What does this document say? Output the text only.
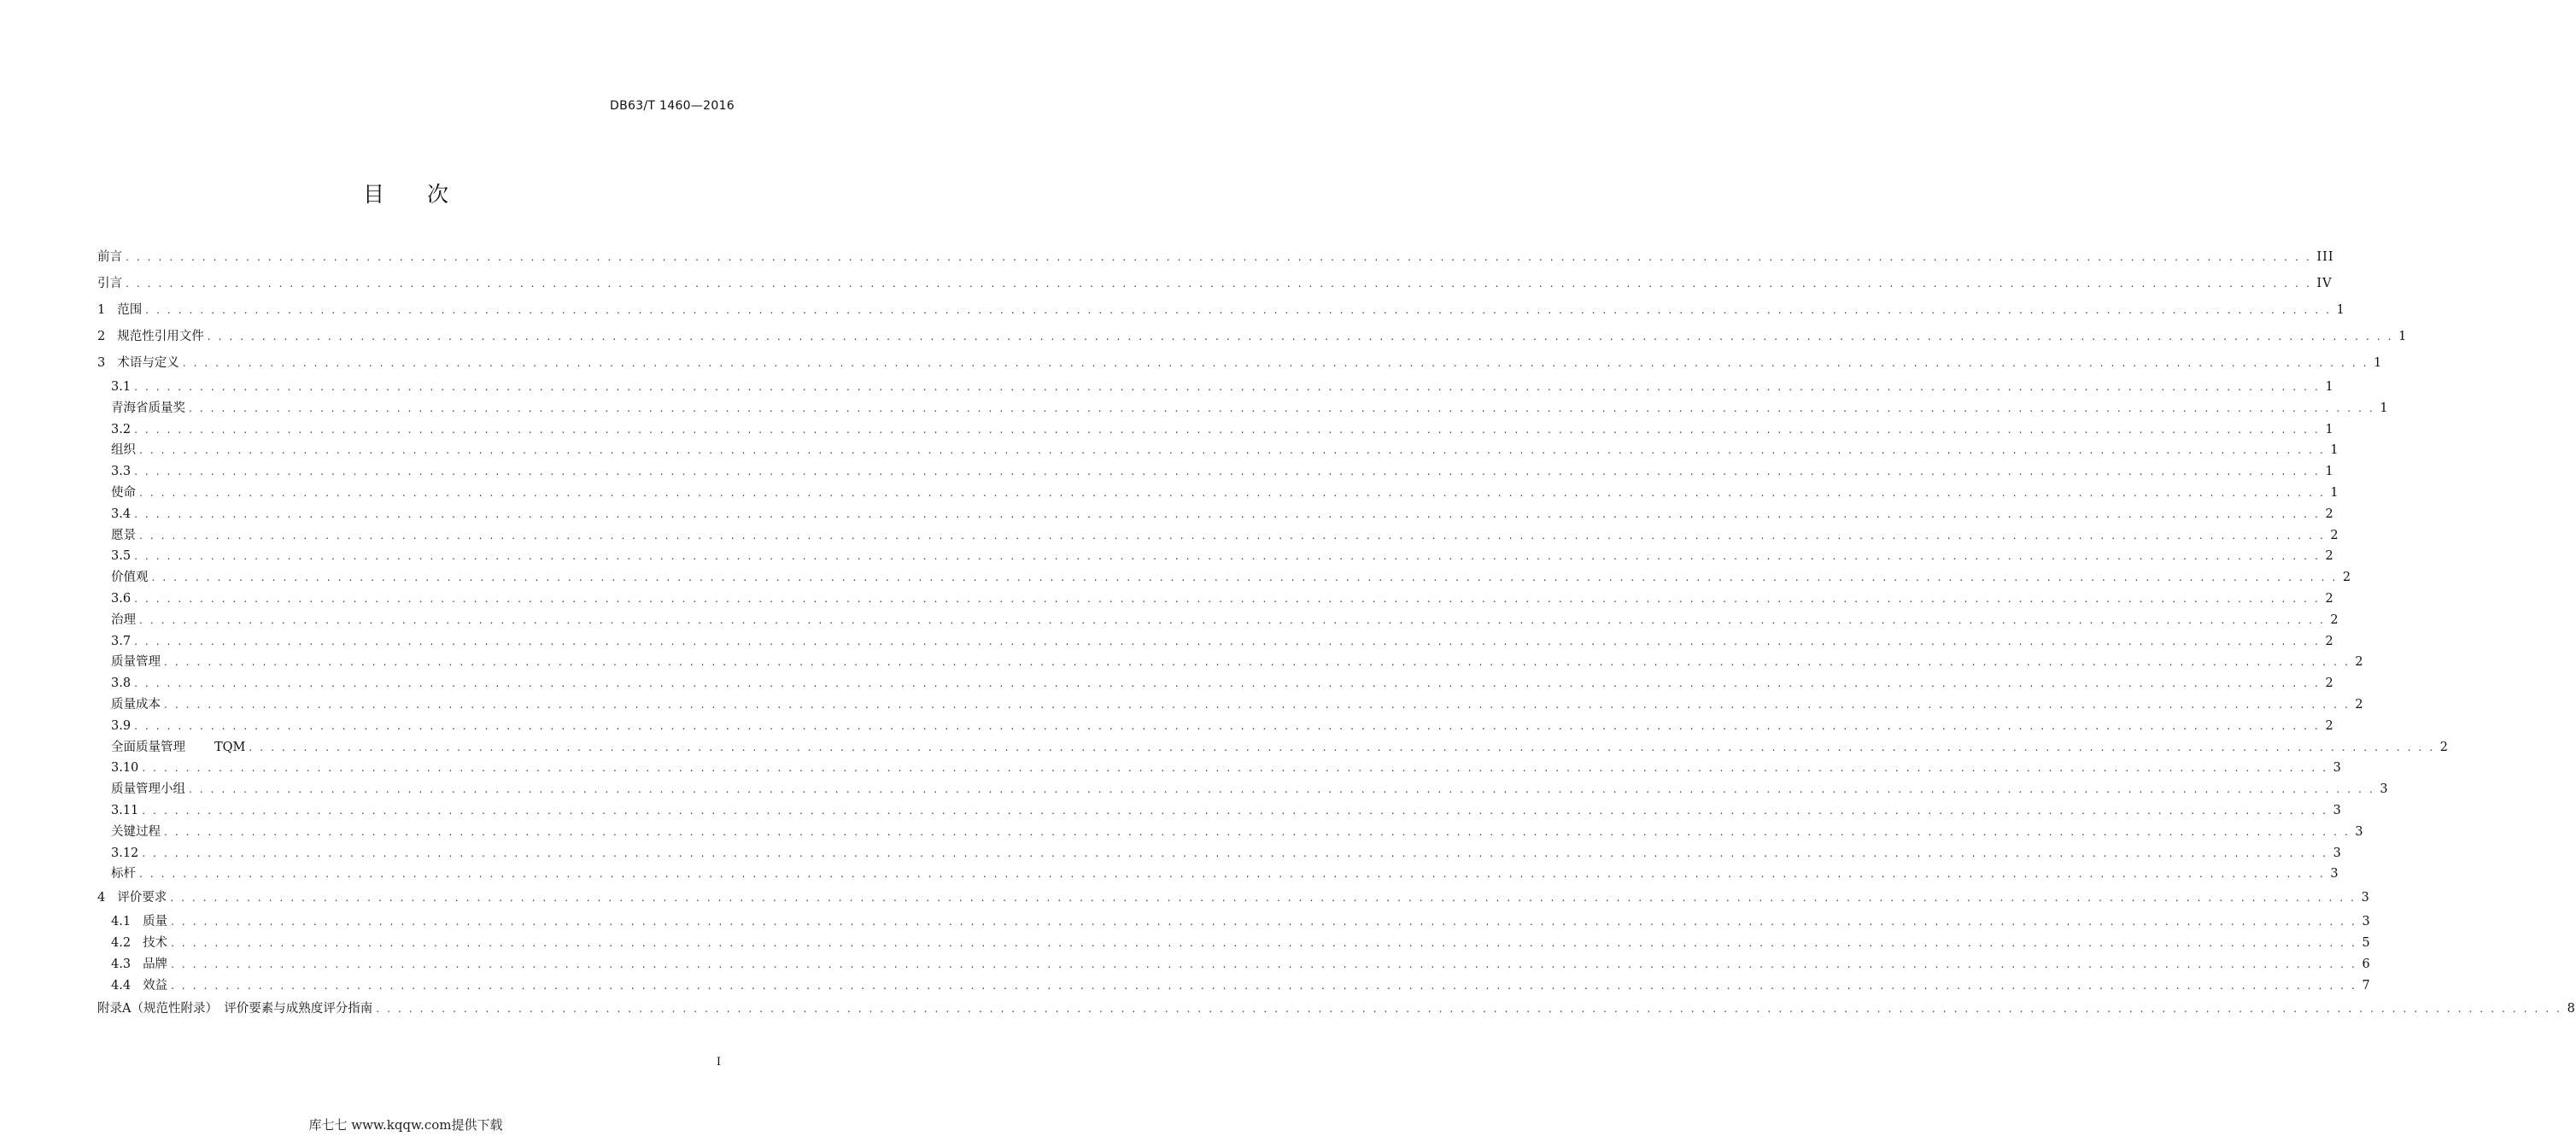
DB63/T 1460—2016
目次
前言 . . . . . . . . . . . . . . . . . . . . . . . . . . . . . . . . . . . . . . . . . . . . . . . . . . . . . . . . . . . . . . . . . . . . . . . . . . . . . . . . . . . . . . . . . . . . . . . . . . . . . . . . . . . . . . . . . . . . . . . . . . . . . . . . . . . . . . . . . . . . . . . . . . . . . . . . . . . . . . . . . . . . . . . . . . . . . . . . . . . . . . . . . . . . . . . . . . . . . . . . III
引言 . . . . . . . . . . . . . . . . . . . . . . . . . . . . . . . . . . . . . . . . . . . . . . . . . . . . . . . . . . . . . . . . . . . . . . . . . . . . . . . . . . . . . . . . . . . . . . . . . . . . . . . . . . . . . . . . . . . . . . . . . . . . . . . . . . . . . . . . . . . . . . . . . . . . . . . . . . . . . . . . . . . . . . . . . . . . . . . . . . . . . . . . . . . . . . . . . . . . . . . . IV
1 范围 . . . . . . . . . . . . . . . . . . . . . . . . . . . . . . . . . . . . . . . . . . . . . . . . . . . . . . . . . . . . . . . . . . . . . . . . . . . . . . . . . . . . . . . . . . . . . . . . . . . . . . . . . . . . . . . . . . . . . . . . . . . . . . . . . . . . . . . . . . . . . . . . . . . . . . . . . . . . . . . . . . . . . . . . . . . . . . . . . . . . . . . . . . . . . . . . . . . . . . . . 1
2 规范性引用文件 . . . . . . . . . . . . . . . . . . . . . . . . . . . . . . . . . . . . . . . . . . . . . . . . . . . . . . . . . . . . . . . . . . . . . . . . . . . . . . . . . . . . . . . . . . . . . . . . . . . . . . . . . . . . . . . . . . . . . . . . . . . . . . . . . . . . . . . . . . . . . . . . . . . . . . . . . . . . . . . . . . . . . . . . . . . . . . . . . . . . . . . . . . . . . . . . . . . . . . . . 1
3 术语与定义 . . . . . . . . . . . . . . . . . . . . . . . . . . . . . . . . . . . . . . . . . . . . . . . . . . . . . . . . . . . . . . . . . . . . . . . . . . . . . . . . . . . . . . . . . . . . . . . . . . . . . . . . . . . . . . . . . . . . . . . . . . . . . . . . . . . . . . . . . . . . . . . . . . . . . . . . . . . . . . . . . . . . . . . . . . . . . . . . . . . . . . . . . . . . . . . . . . . . . . . . 1
3.1 . . . . . . . . . . . . . . . . . . . . . . . . . . . . . . . . . . . . . . . . . . . . . . . . . . . . . . . . . . . . . . . . . . . . . . . . . . . . . . . . . . . . . . . . . . . . . . . . . . . . . . . . . . . . . . . . . . . . . . . . . . . . . . . . . . . . . . . . . . . . . . . . . . . . . . . . . . . . . . . . . . . . . . . . . . . . . . . . . . . . . . . . . . . . . . . . . . . . . . . . 1
青海省质量奖 . . . . . . . . . . . . . . . . . . . . . . . . . . . . . . . . . . . . . . . . . . . . . . . . . . . . . . . . . . . . . . . . . . . . . . . . . . . . . . . . . . . . . . . . . . . . . . . . . . . . . . . . . . . . . . . . . . . . . . . . . . . . . . . . . . . . . . . . . . . . . . . . . . . . . . . . . . . . . . . . . . . . . . . . . . . . . . . . . . . . . . . . . . . . . . . . . . . . . . . . 1
3.2 . . . . . . . . . . . . . . . . . . . . . . . . . . . . . . . . . . . . . . . . . . . . . . . . . . . . . . . . . . . . . . . . . . . . . . . . . . . . . . . . . . . . . . . . . . . . . . . . . . . . . . . . . . . . . . . . . . . . . . . . . . . . . . . . . . . . . . . . . . . . . . . . . . . . . . . . . . . . . . . . . . . . . . . . . . . . . . . . . . . . . . . . . . . . . . . . . . . . . . . . 1
组织 . . . . . . . . . . . . . . . . . . . . . . . . . . . . . . . . . . . . . . . . . . . . . . . . . . . . . . . . . . . . . . . . . . . . . . . . . . . . . . . . . . . . . . . . . . . . . . . . . . . . . . . . . . . . . . . . . . . . . . . . . . . . . . . . . . . . . . . . . . . . . . . . . . . . . . . . . . . . . . . . . . . . . . . . . . . . . . . . . . . . . . . . . . . . . . . . . . . . . . . . 1
3.3 . . . . . . . . . . . . . . . . . . . . . . . . . . . . . . . . . . . . . . . . . . . . . . . . . . . . . . . . . . . . . . . . . . . . . . . . . . . . . . . . . . . . . . . . . . . . . . . . . . . . . . . . . . . . . . . . . . . . . . . . . . . . . . . . . . . . . . . . . . . . . . . . . . . . . . . . . . . . . . . . . . . . . . . . . . . . . . . . . . . . . . . . . . . . . . . . . . . . . . . . 1
使命 . . . . . . . . . . . . . . . . . . . . . . . . . . . . . . . . . . . . . . . . . . . . . . . . . . . . . . . . . . . . . . . . . . . . . . . . . . . . . . . . . . . . . . . . . . . . . . . . . . . . . . . . . . . . . . . . . . . . . . . . . . . . . . . . . . . . . . . . . . . . . . . . . . . . . . . . . . . . . . . . . . . . . . . . . . . . . . . . . . . . . . . . . . . . . . . . . . . . . . . . 1
3.4 . . . . . . . . . . . . . . . . . . . . . . . . . . . . . . . . . . . . . . . . . . . . . . . . . . . . . . . . . . . . . . . . . . . . . . . . . . . . . . . . . . . . . . . . . . . . . . . . . . . . . . . . . . . . . . . . . . . . . . . . . . . . . . . . . . . . . . . . . . . . . . . . . . . . . . . . . . . . . . . . . . . . . . . . . . . . . . . . . . . . . . . . . . . . . . . . . . . . . . . . 2
愿景 . . . . . . . . . . . . . . . . . . . . . . . . . . . . . . . . . . . . . . . . . . . . . . . . . . . . . . . . . . . . . . . . . . . . . . . . . . . . . . . . . . . . . . . . . . . . . . . . . . . . . . . . . . . . . . . . . . . . . . . . . . . . . . . . . . . . . . . . . . . . . . . . . . . . . . . . . . . . . . . . . . . . . . . . . . . . . . . . . . . . . . . . . . . . . . . . . . . . . . . . 2
3.5 . . . . . . . . . . . . . . . . . . . . . . . . . . . . . . . . . . . . . . . . . . . . . . . . . . . . . . . . . . . . . . . . . . . . . . . . . . . . . . . . . . . . . . . . . . . . . . . . . . . . . . . . . . . . . . . . . . . . . . . . . . . . . . . . . . . . . . . . . . . . . . . . . . . . . . . . . . . . . . . . . . . . . . . . . . . . . . . . . . . . . . . . . . . . . . . . . . . . . . . . 2
价值观 . . . . . . . . . . . . . . . . . . . . . . . . . . . . . . . . . . . . . . . . . . . . . . . . . . . . . . . . . . . . . . . . . . . . . . . . . . . . . . . . . . . . . . . . . . . . . . . . . . . . . . . . . . . . . . . . . . . . . . . . . . . . . . . . . . . . . . . . . . . . . . . . . . . . . . . . . . . . . . . . . . . . . . . . . . . . . . . . . . . . . . . . . . . . . . . . . . . . . . . . 2
3.6 . . . . . . . . . . . . . . . . . . . . . . . . . . . . . . . . . . . . . . . . . . . . . . . . . . . . . . . . . . . . . . . . . . . . . . . . . . . . . . . . . . . . . . . . . . . . . . . . . . . . . . . . . . . . . . . . . . . . . . . . . . . . . . . . . . . . . . . . . . . . . . . . . . . . . . . . . . . . . . . . . . . . . . . . . . . . . . . . . . . . . . . . . . . . . . . . . . . . . . . . 2
治理 . . . . . . . . . . . . . . . . . . . . . . . . . . . . . . . . . . . . . . . . . . . . . . . . . . . . . . . . . . . . . . . . . . . . . . . . . . . . . . . . . . . . . . . . . . . . . . . . . . . . . . . . . . . . . . . . . . . . . . . . . . . . . . . . . . . . . . . . . . . . . . . . . . . . . . . . . . . . . . . . . . . . . . . . . . . . . . . . . . . . . . . . . . . . . . . . . . . . . . . . 2
3.7 . . . . . . . . . . . . . . . . . . . . . . . . . . . . . . . . . . . . . . . . . . . . . . . . . . . . . . . . . . . . . . . . . . . . . . . . . . . . . . . . . . . . . . . . . . . . . . . . . . . . . . . . . . . . . . . . . . . . . . . . . . . . . . . . . . . . . . . . . . . . . . . . . . . . . . . . . . . . . . . . . . . . . . . . . . . . . . . . . . . . . . . . . . . . . . . . . . . . . . . . 2
质量管理 . . . . . . . . . . . . . . . . . . . . . . . . . . . . . . . . . . . . . . . . . . . . . . . . . . . . . . . . . . . . . . . . . . . . . . . . . . . . . . . . . . . . . . . . . . . . . . . . . . . . . . . . . . . . . . . . . . . . . . . . . . . . . . . . . . . . . . . . . . . . . . . . . . . . . . . . . . . . . . . . . . . . . . . . . . . . . . . . . . . . . . . . . . . . . . . . . . . . . . . . 2
3.8 . . . . . . . . . . . . . . . . . . . . . . . . . . . . . . . . . . . . . . . . . . . . . . . . . . . . . . . . . . . . . . . . . . . . . . . . . . . . . . . . . . . . . . . . . . . . . . . . . . . . . . . . . . . . . . . . . . . . . . . . . . . . . . . . . . . . . . . . . . . . . . . . . . . . . . . . . . . . . . . . . . . . . . . . . . . . . . . . . . . . . . . . . . . . . . . . . . . . . . . . 2
质量成本 . . . . . . . . . . . . . . . . . . . . . . . . . . . . . . . . . . . . . . . . . . . . . . . . . . . . . . . . . . . . . . . . . . . . . . . . . . . . . . . . . . . . . . . . . . . . . . . . . . . . . . . . . . . . . . . . . . . . . . . . . . . . . . . . . . . . . . . . . . . . . . . . . . . . . . . . . . . . . . . . . . . . . . . . . . . . . . . . . . . . . . . . . . . . . . . . . . . . . . . . 2
3.9 . . . . . . . . . . . . . . . . . . . . . . . . . . . . . . . . . . . . . . . . . . . . . . . . . . . . . . . . . . . . . . . . . . . . . . . . . . . . . . . . . . . . . . . . . . . . . . . . . . . . . . . . . . . . . . . . . . . . . . . . . . . . . . . . . . . . . . . . . . . . . . . . . . . . . . . . . . . . . . . . . . . . . . . . . . . . . . . . . . . . . . . . . . . . . . . . . . . . . . . . 2
全面质量管理 TQM . . . . . . . . . . . . . . . . . . . . . . . . . . . . . . . . . . . . . . . . . . . . . . . . . . . . . . . . . . . . . . . . . . . . . . . . . . . . . . . . . . . . . . . . . . . . . . . . . . . . . . . . . . . . . . . . . . . . . . . . . . . . . . . . . . . . . . . . . . . . . . . . . . . . . . . . . . . . . . . . . . . . . . . . . . . . . . . . . . . . . . . . . . . . . . . . . . . . . . . . 2
3.10 . . . . . . . . . . . . . . . . . . . . . . . . . . . . . . . . . . . . . . . . . . . . . . . . . . . . . . . . . . . . . . . . . . . . . . . . . . . . . . . . . . . . . . . . . . . . . . . . . . . . . . . . . . . . . . . . . . . . . . . . . . . . . . . . . . . . . . . . . . . . . . . . . . . . . . . . . . . . . . . . . . . . . . . . . . . . . . . . . . . . . . . . . . . . . . . . . . . . . . . . 3
质量管理小组 . . . . . . . . . . . . . . . . . . . . . . . . . . . . . . . . . . . . . . . . . . . . . . . . . . . . . . . . . . . . . . . . . . . . . . . . . . . . . . . . . . . . . . . . . . . . . . . . . . . . . . . . . . . . . . . . . . . . . . . . . . . . . . . . . . . . . . . . . . . . . . . . . . . . . . . . . . . . . . . . . . . . . . . . . . . . . . . . . . . . . . . . . . . . . . . . . . . . . . . . 3
3.11 . . . . . . . . . . . . . . . . . . . . . . . . . . . . . . . . . . . . . . . . . . . . . . . . . . . . . . . . . . . . . . . . . . . . . . . . . . . . . . . . . . . . . . . . . . . . . . . . . . . . . . . . . . . . . . . . . . . . . . . . . . . . . . . . . . . . . . . . . . . . . . . . . . . . . . . . . . . . . . . . . . . . . . . . . . . . . . . . . . . . . . . . . . . . . . . . . . . . . . . . 3
关键过程 . . . . . . . . . . . . . . . . . . . . . . . . . . . . . . . . . . . . . . . . . . . . . . . . . . . . . . . . . . . . . . . . . . . . . . . . . . . . . . . . . . . . . . . . . . . . . . . . . . . . . . . . . . . . . . . . . . . . . . . . . . . . . . . . . . . . . . . . . . . . . . . . . . . . . . . . . . . . . . . . . . . . . . . . . . . . . . . . . . . . . . . . . . . . . . . . . . . . . . . . 3
3.12 . . . . . . . . . . . . . . . . . . . . . . . . . . . . . . . . . . . . . . . . . . . . . . . . . . . . . . . . . . . . . . . . . . . . . . . . . . . . . . . . . . . . . . . . . . . . . . . . . . . . . . . . . . . . . . . . . . . . . . . . . . . . . . . . . . . . . . . . . . . . . . . . . . . . . . . . . . . . . . . . . . . . . . . . . . . . . . . . . . . . . . . . . . . . . . . . . . . . . . . . 3
标杆 . . . . . . . . . . . . . . . . . . . . . . . . . . . . . . . . . . . . . . . . . . . . . . . . . . . . . . . . . . . . . . . . . . . . . . . . . . . . . . . . . . . . . . . . . . . . . . . . . . . . . . . . . . . . . . . . . . . . . . . . . . . . . . . . . . . . . . . . . . . . . . . . . . . . . . . . . . . . . . . . . . . . . . . . . . . . . . . . . . . . . . . . . . . . . . . . . . . . . . . . 3
4 评价要求 . . . . . . . . . . . . . . . . . . . . . . . . . . . . . . . . . . . . . . . . . . . . . . . . . . . . . . . . . . . . . . . . . . . . . . . . . . . . . . . . . . . . . . . . . . . . . . . . . . . . . . . . . . . . . . . . . . . . . . . . . . . . . . . . . . . . . . . . . . . . . . . . . . . . . . . . . . . . . . . . . . . . . . . . . . . . . . . . . . . . . . . . . . . . . . . . . . . . . . . . 3
4.1 质量 . . . . . . . . . . . . . . . . . . . . . . . . . . . . . . . . . . . . . . . . . . . . . . . . . . . . . . . . . . . . . . . . . . . . . . . . . . . . . . . . . . . . . . . . . . . . . . . . . . . . . . . . . . . . . . . . . . . . . . . . . . . . . . . . . . . . . . . . . . . . . . . . . . . . . . . . . . . . . . . . . . . . . . . . . . . . . . . . . . . . . . . . . . . . . . . . . . . . . . . . 3
4.2 技术 . . . . . . . . . . . . . . . . . . . . . . . . . . . . . . . . . . . . . . . . . . . . . . . . . . . . . . . . . . . . . . . . . . . . . . . . . . . . . . . . . . . . . . . . . . . . . . . . . . . . . . . . . . . . . . . . . . . . . . . . . . . . . . . . . . . . . . . . . . . . . . . . . . . . . . . . . . . . . . . . . . . . . . . . . . . . . . . . . . . . . . . . . . . . . . . . . . . . . . . . 5
4.3 品牌 . . . . . . . . . . . . . . . . . . . . . . . . . . . . . . . . . . . . . . . . . . . . . . . . . . . . . . . . . . . . . . . . . . . . . . . . . . . . . . . . . . . . . . . . . . . . . . . . . . . . . . . . . . . . . . . . . . . . . . . . . . . . . . . . . . . . . . . . . . . . . . . . . . . . . . . . . . . . . . . . . . . . . . . . . . . . . . . . . . . . . . . . . . . . . . . . . . . . . . . . 6
4.4 效益 . . . . . . . . . . . . . . . . . . . . . . . . . . . . . . . . . . . . . . . . . . . . . . . . . . . . . . . . . . . . . . . . . . . . . . . . . . . . . . . . . . . . . . . . . . . . . . . . . . . . . . . . . . . . . . . . . . . . . . . . . . . . . . . . . . . . . . . . . . . . . . . . . . . . . . . . . . . . . . . . . . . . . . . . . . . . . . . . . . . . . . . . . . . . . . . . . . . . . . . . 7
附录A（规范性附录）　评价要素与成熟度评分指南 . . . . . . . . . . . . . . . . . . . . . . . . . . . . . . . . . . . . . . . . . . . . . . . . . . . . . . . . . . . . . . . . . . . . . . . . . . . . . . . . . . . . . . . . . . . . . . . . . . . . . . . . . . . . . . . . . . . . . . . . . . . . . . . . . . . . . . . . . . . . . . . . . . . . . . . . . . . . . . . . . . . . . . . . . . . . . . . . . . . . . . . . . . . . . . . . . . . . . . . . 8
I
库七七 www.kqqw.com提供下载
